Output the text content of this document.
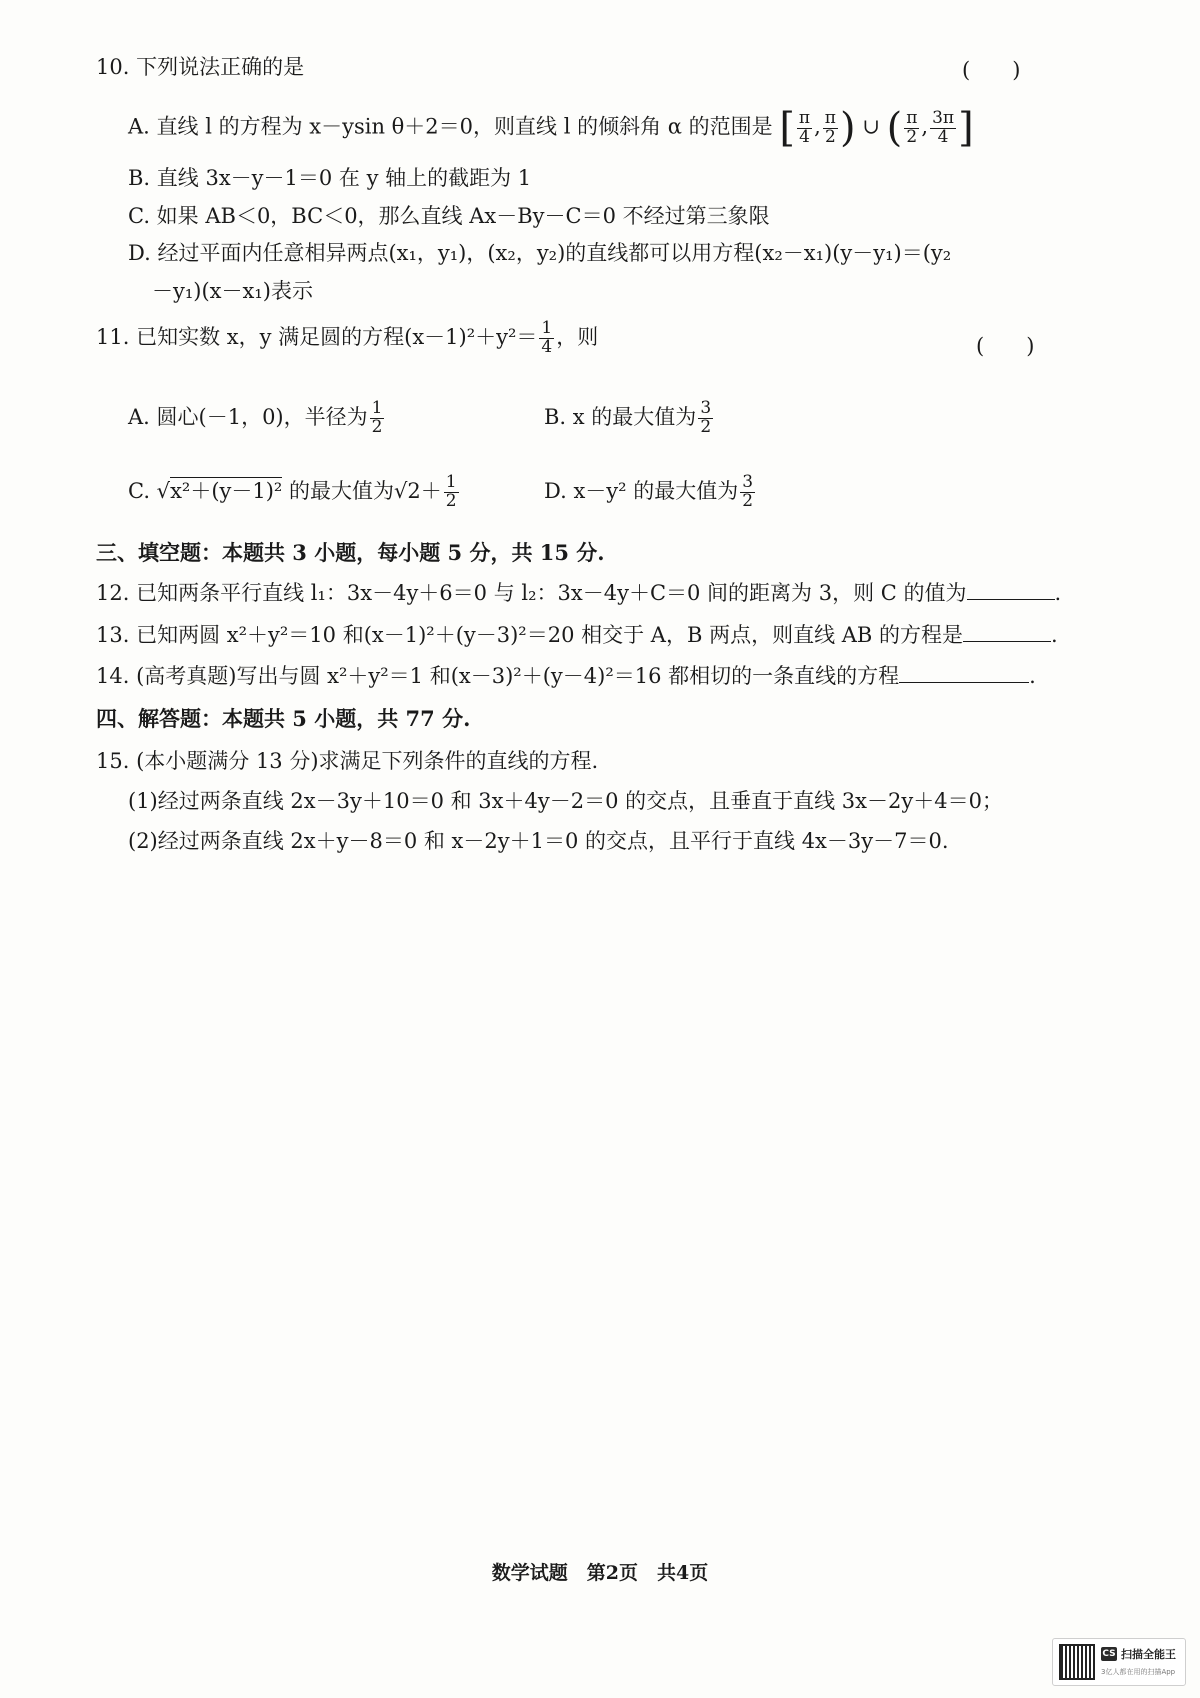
10. 下列说法正确的是	(　　)
A. 直线 l 的方程为 x－ysin θ＋2＝0，则直线 l 的倾斜角 α 的范围是 [ $\frac{\pi}{4}$ , $\frac{\pi}{2}$ ) ∪ ( $\frac{\pi}{2}$ , $\frac{3\pi}{4}$ ]
B. 直线 3x－y－1＝0 在 y 轴上的截距为 1
C. 如果 AB＜0，BC＜0，那么直线 Ax－By－C＝0 不经过第三象限
D. 经过平面内任意相异两点(x₁，y₁)，(x₂，y₂)的直线都可以用方程(x₂－x₁)(y－y₁)＝(y₂
－y₁)(x－x₁)表示
11. 已知实数 x，y 满足圆的方程$(x-1)^2+y^2= \frac{1}{4}$ ，则	(　　)
A. 圆心(－1，0)，半径为 $\frac{1}{2}$	B. x 的最大值为 $\frac{3}{2}$
C. √x²＋(y－1)² 的最大值为$√2+ \frac{1}{2}$	D. x－y² 的最大值为 $\frac{3}{2}$
三、填空题：本题共 3 小题，每小题 5 分，共 15 分.
12. 已知两条平行直线 l₁：3x－4y＋6＝0 与 l₂：3x－4y＋C＝0 间的距离为 3，则 C 的值为	.
13. 已知两圆 x²＋y²＝10 和(x－1)²＋(y－3)²＝20 相交于 A，B 两点，则直线 AB 的方程是	.
14. (高考真题)写出与圆 x²＋y²＝1 和(x－3)²＋(y－4)²＝16 都相切的一条直线的方程	.
四、解答题：本题共 5 小题，共 77 分.
15. (本小题满分 13 分)求满足下列条件的直线的方程.
(1)经过两条直线 2x－3y＋10＝0 和 3x＋4y－2＝0 的交点，且垂直于直线 3x－2y＋4＝0；
(2)经过两条直线 2x＋y－8＝0 和 x－2y＋1＝0 的交点，且平行于直线 4x－3y－7＝0.
数学试题　第2页　共4页
CS 扫描全能王
3亿人都在用的扫描App
